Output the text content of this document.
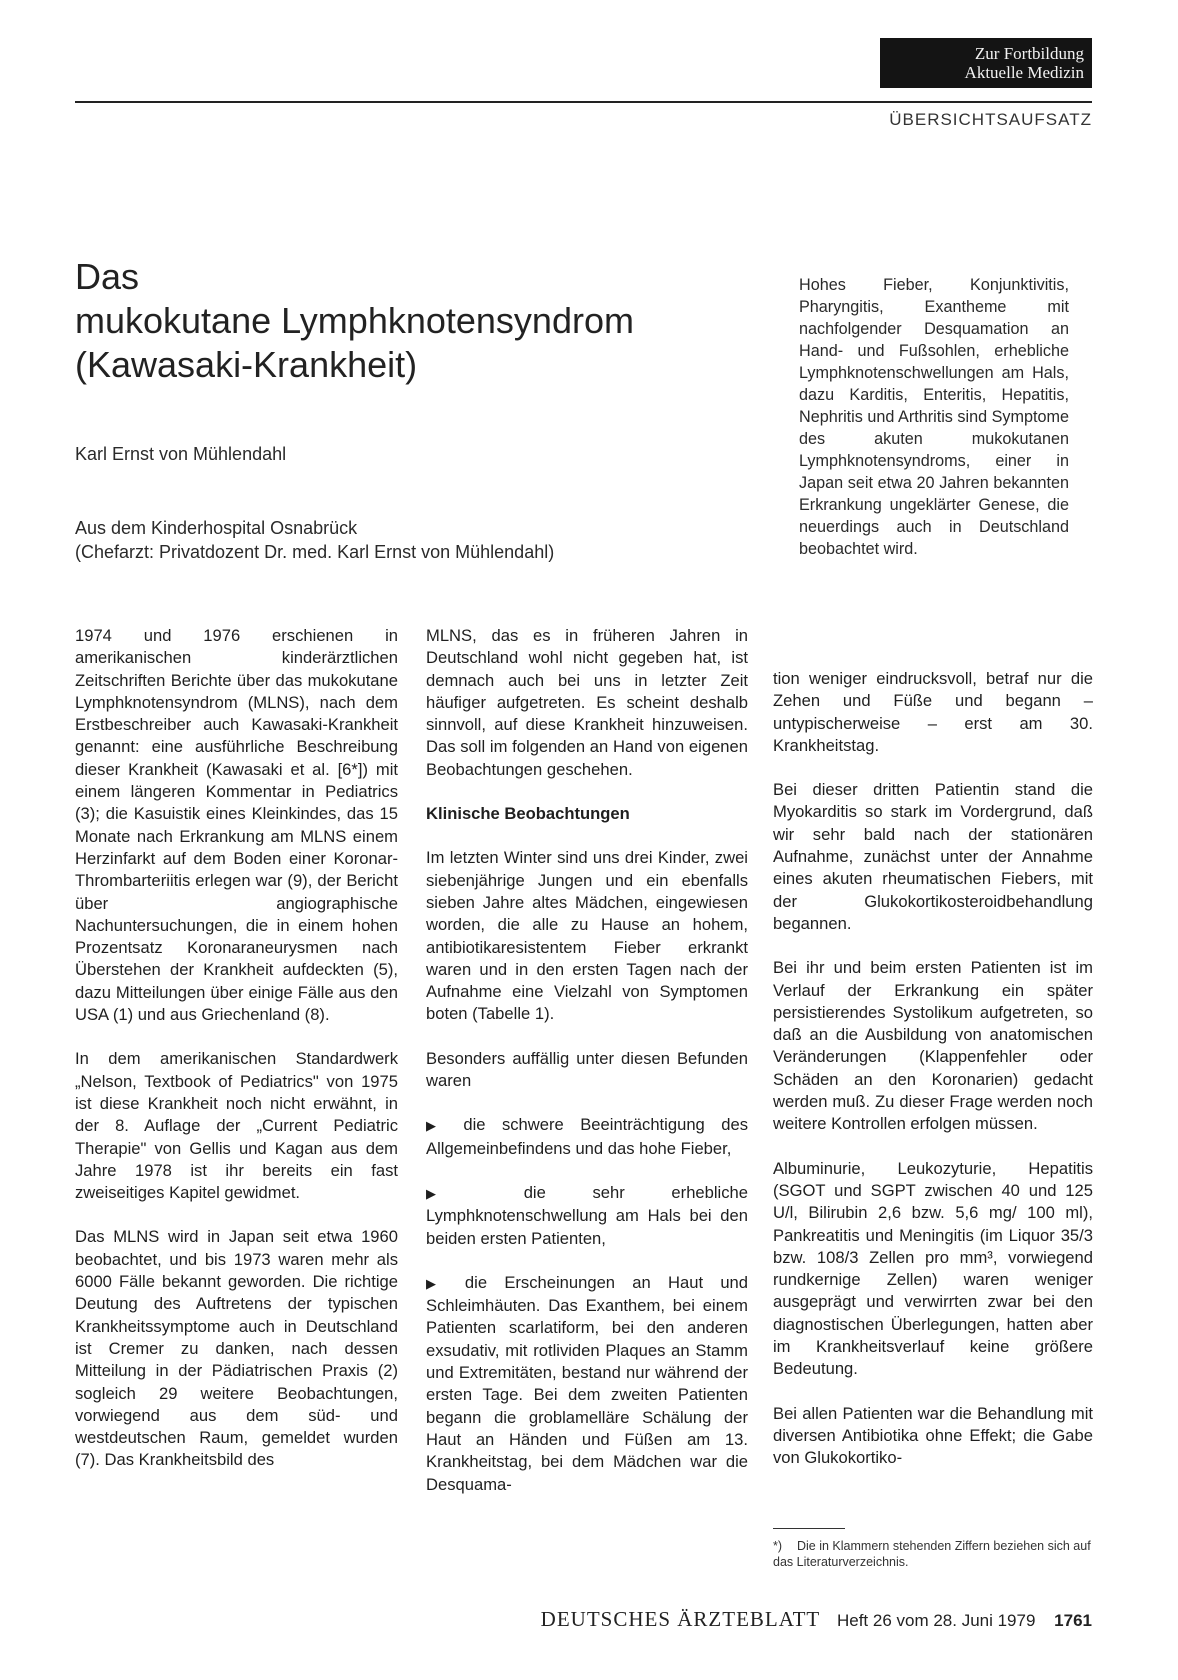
Zur Fortbildung
Aktuelle Medizin
ÜBERSICHTSAUFSATZ
Das
mukokutane Lymphknotensyndrom
(Kawasaki-Krankheit)
Karl Ernst von Mühlendahl
Aus dem Kinderhospital Osnabrück
(Chefarzt: Privatdozent Dr. med. Karl Ernst von Mühlendahl)
Hohes Fieber, Konjunktivitis, Pharyngitis, Exantheme mit nachfolgender Desquamation an Hand- und Fußsohlen, erhebliche Lymphknotenschwellungen am Hals, dazu Karditis, Enteritis, Hepatitis, Nephritis und Arthritis sind Symptome des akuten mukokutanen Lymphknotensyndroms, einer in Japan seit etwa 20 Jahren bekannten Erkrankung ungeklärter Genese, die neuerdings auch in Deutschland beobachtet wird.

1974 und 1976 erschienen in amerikanischen kinderärztlichen Zeitschriften Berichte über das mukokutane Lymphknotensyndrom (MLNS), nach dem Erstbeschreiber auch Kawasaki-Krankheit genannt: eine ausführliche Beschreibung dieser Krankheit (Kawasaki et al. [6*]) mit einem längeren Kommentar in Pediatrics (3); die Kasuistik eines Kleinkindes, das 15 Monate nach Erkrankung am MLNS einem Herzinfarkt auf dem Boden einer Koronar-Thrombarteriitis erlegen war (9), der Bericht über angiographische Nachuntersuchungen, die in einem hohen Prozentsatz Koronaraneurysmen nach Überstehen der Krankheit aufdeckten (5), dazu Mitteilungen über einige Fälle aus den USA (1) und aus Griechenland (8).

In dem amerikanischen Standardwerk „Nelson, Textbook of Pediatrics" von 1975 ist diese Krankheit noch nicht erwähnt, in der 8. Auflage der „Current Pediatric Therapie" von Gellis und Kagan aus dem Jahre 1978 ist ihr bereits ein fast zweiseitiges Kapitel gewidmet.

Das MLNS wird in Japan seit etwa 1960 beobachtet, und bis 1973 waren mehr als 6000 Fälle bekannt geworden. Die richtige Deutung des Auftretens der typischen Krankheitssymptome auch in Deutschland ist Cremer zu danken, nach dessen Mitteilung in der Pädiatrischen Praxis (2) sogleich 29 weitere Beobachtungen, vorwiegend aus dem süd- und westdeutschen Raum, gemeldet wurden (7). Das Krankheitsbild des

MLNS, das es in früheren Jahren in Deutschland wohl nicht gegeben hat, ist demnach auch bei uns in letzter Zeit häufiger aufgetreten. Es scheint deshalb sinnvoll, auf diese Krankheit hinzuweisen. Das soll im folgenden an Hand von eigenen Beobachtungen geschehen.

Klinische Beobachtungen

Im letzten Winter sind uns drei Kinder, zwei siebenjährige Jungen und ein ebenfalls sieben Jahre altes Mädchen, eingewiesen worden, die alle zu Hause an hohem, antibiotikaresistentem Fieber erkrankt waren und in den ersten Tagen nach der Aufnahme eine Vielzahl von Symptomen boten (Tabelle 1).

Besonders auffällig unter diesen Befunden waren

▶ die schwere Beeinträchtigung des Allgemeinbefindens und das hohe Fieber,

▶ die sehr erhebliche Lymphknotenschwellung am Hals bei den beiden ersten Patienten,

▶ die Erscheinungen an Haut und Schleimhäuten. Das Exanthem, bei einem Patienten scarlatiform, bei den anderen exsudativ, mit rotlividen Plaques an Stamm und Extremitäten, bestand nur während der ersten Tage. Bei dem zweiten Patienten begann die groblamelläre Schälung der Haut an Händen und Füßen am 13. Krankheitstag, bei dem Mädchen war die Desquama-

tion weniger eindrucksvoll, betraf nur die Zehen und Füße und begann – untypischerweise – erst am 30. Krankheitstag.

Bei dieser dritten Patientin stand die Myokarditis so stark im Vordergrund, daß wir sehr bald nach der stationären Aufnahme, zunächst unter der Annahme eines akuten rheumatischen Fiebers, mit der Glukokortikosteroidbehandlung begannen.

Bei ihr und beim ersten Patienten ist im Verlauf der Erkrankung ein später persistierendes Systolikum aufgetreten, so daß an die Ausbildung von anatomischen Veränderungen (Klappenfehler oder Schäden an den Koronarien) gedacht werden muß. Zu dieser Frage werden noch weitere Kontrollen erfolgen müssen.

Albuminurie, Leukozyturie, Hepatitis (SGOT und SGPT zwischen 40 und 125 U/l, Bilirubin 2,6 bzw. 5,6 mg/ 100 ml), Pankreatitis und Meningitis (im Liquor 35/3 bzw. 108/3 Zellen pro mm³, vorwiegend rundkernige Zellen) waren weniger ausgeprägt und verwirrten zwar bei den diagnostischen Überlegungen, hatten aber im Krankheitsverlauf keine größere Bedeutung.

Bei allen Patienten war die Behandlung mit diversen Antibiotika ohne Effekt; die Gabe von Glukokortiko-

*) Die in Klammern stehenden Ziffern beziehen sich auf das Literaturverzeichnis.
DEUTSCHES ÄRZTEBLATT Heft 26 vom 28. Juni 1979 1761
